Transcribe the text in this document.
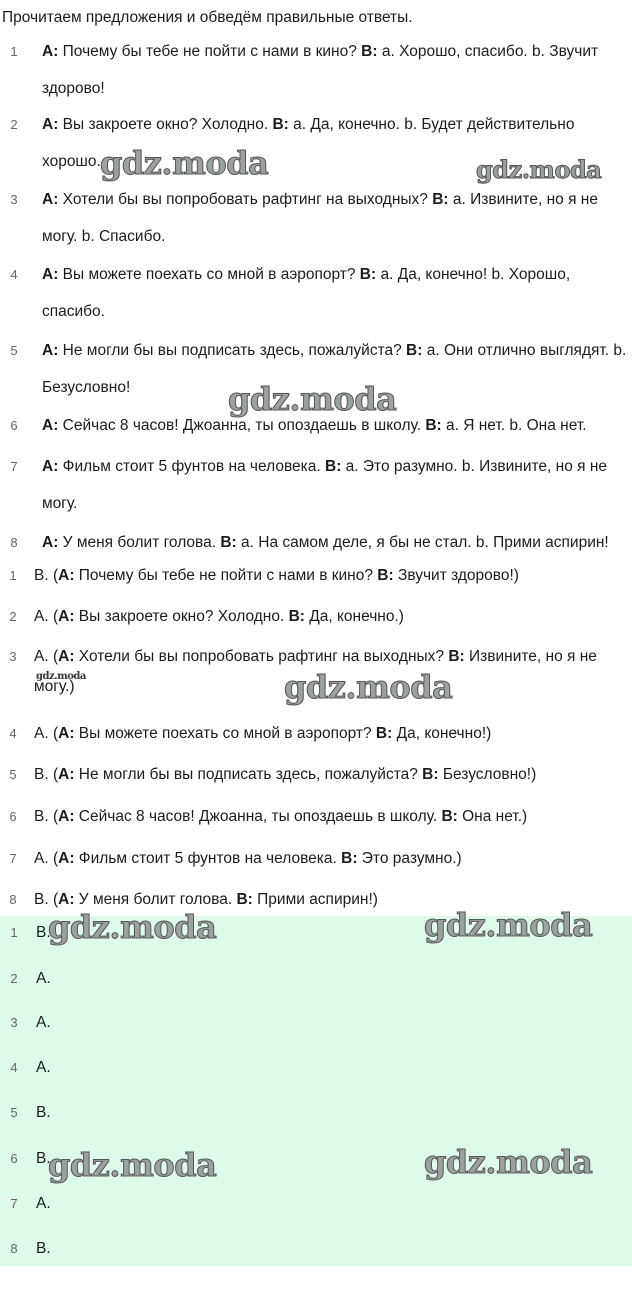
Прочитаем предложения и обведём правильные ответы.
1 A: Почему бы тебе не пойти с нами в кино? B: a. Хорошо, спасибо. b. Звучит здорово!
2 A: Вы закроете окно? Холодно. B: a. Да, конечно. b. Будет действительно хорошо.
3 A: Хотели бы вы попробовать рафтинг на выходных? B: a. Извините, но я не могу. b. Спасибо.
4 A: Вы можете поехать со мной в аэропорт? B: a. Да, конечно! b. Хорошо, спасибо.
5 A: Не могли бы вы подписать здесь, пожалуйста? B: a. Они отлично выглядят. b. Безусловно!
6 A: Сейчас 8 часов! Джоанна, ты опоздаешь в школу. B: a. Я нет. b. Она нет.
7 A: Фильм стоит 5 фунтов на человека. B: a. Это разумно. b. Извините, но я не могу.
8 A: У меня болит голова. B: a. На самом деле, я бы не стал. b. Прими аспирин!
1 B. (A: Почему бы тебе не пойти с нами в кино? B: Звучит здорово!)
2 A. (A: Вы закроете окно? Холодно. B: Да, конечно.)
3 A. (A: Хотели бы вы попробовать рафтинг на выходных? B: Извините, но я не могу.)
4 A. (A: Вы можете поехать со мной в аэропорт? B: Да, конечно!)
5 B. (A: Не могли бы вы подписать здесь, пожалуйста? B: Безусловно!)
6 B. (A: Сейчас 8 часов! Джоанна, ты опоздаешь в школу. B: Она нет.)
7 A. (A: Фильм стоит 5 фунтов на человека. B: Это разумно.)
8 B. (A: У меня болит голова. B: Прими аспирин!)
1 B.
2 A.
3 A.
4 A.
5 B.
6 B.
7 A.
8 B.
gdz.moda	gdz.moda
gdz.moda
gdz.moda	gdz.moda
gdz.moda	gdz.moda
gdz.moda	gdz.moda
